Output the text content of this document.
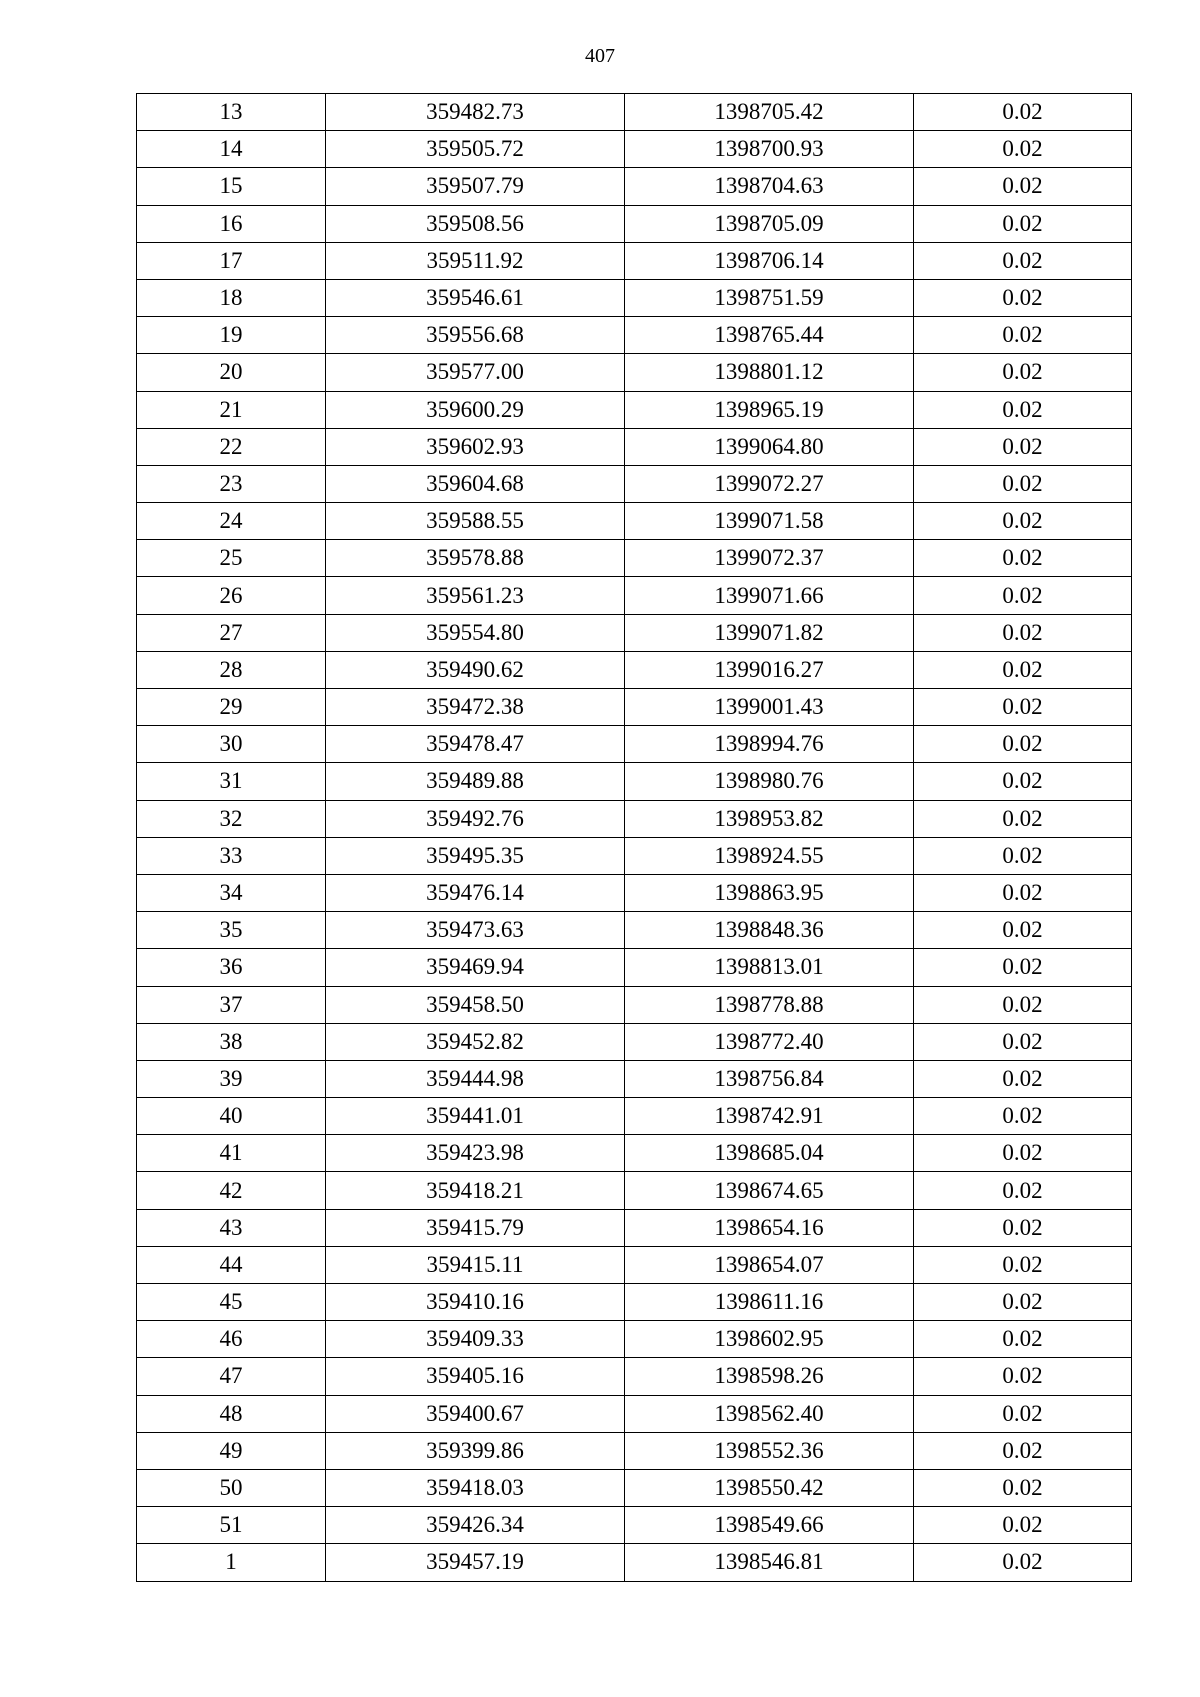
407
13	359482.73	1398705.42	0.02
14	359505.72	1398700.93	0.02
15	359507.79	1398704.63	0.02
16	359508.56	1398705.09	0.02
17	359511.92	1398706.14	0.02
18	359546.61	1398751.59	0.02
19	359556.68	1398765.44	0.02
20	359577.00	1398801.12	0.02
21	359600.29	1398965.19	0.02
22	359602.93	1399064.80	0.02
23	359604.68	1399072.27	0.02
24	359588.55	1399071.58	0.02
25	359578.88	1399072.37	0.02
26	359561.23	1399071.66	0.02
27	359554.80	1399071.82	0.02
28	359490.62	1399016.27	0.02
29	359472.38	1399001.43	0.02
30	359478.47	1398994.76	0.02
31	359489.88	1398980.76	0.02
32	359492.76	1398953.82	0.02
33	359495.35	1398924.55	0.02
34	359476.14	1398863.95	0.02
35	359473.63	1398848.36	0.02
36	359469.94	1398813.01	0.02
37	359458.50	1398778.88	0.02
38	359452.82	1398772.40	0.02
39	359444.98	1398756.84	0.02
40	359441.01	1398742.91	0.02
41	359423.98	1398685.04	0.02
42	359418.21	1398674.65	0.02
43	359415.79	1398654.16	0.02
44	359415.11	1398654.07	0.02
45	359410.16	1398611.16	0.02
46	359409.33	1398602.95	0.02
47	359405.16	1398598.26	0.02
48	359400.67	1398562.40	0.02
49	359399.86	1398552.36	0.02
50	359418.03	1398550.42	0.02
51	359426.34	1398549.66	0.02
1	359457.19	1398546.81	0.02
